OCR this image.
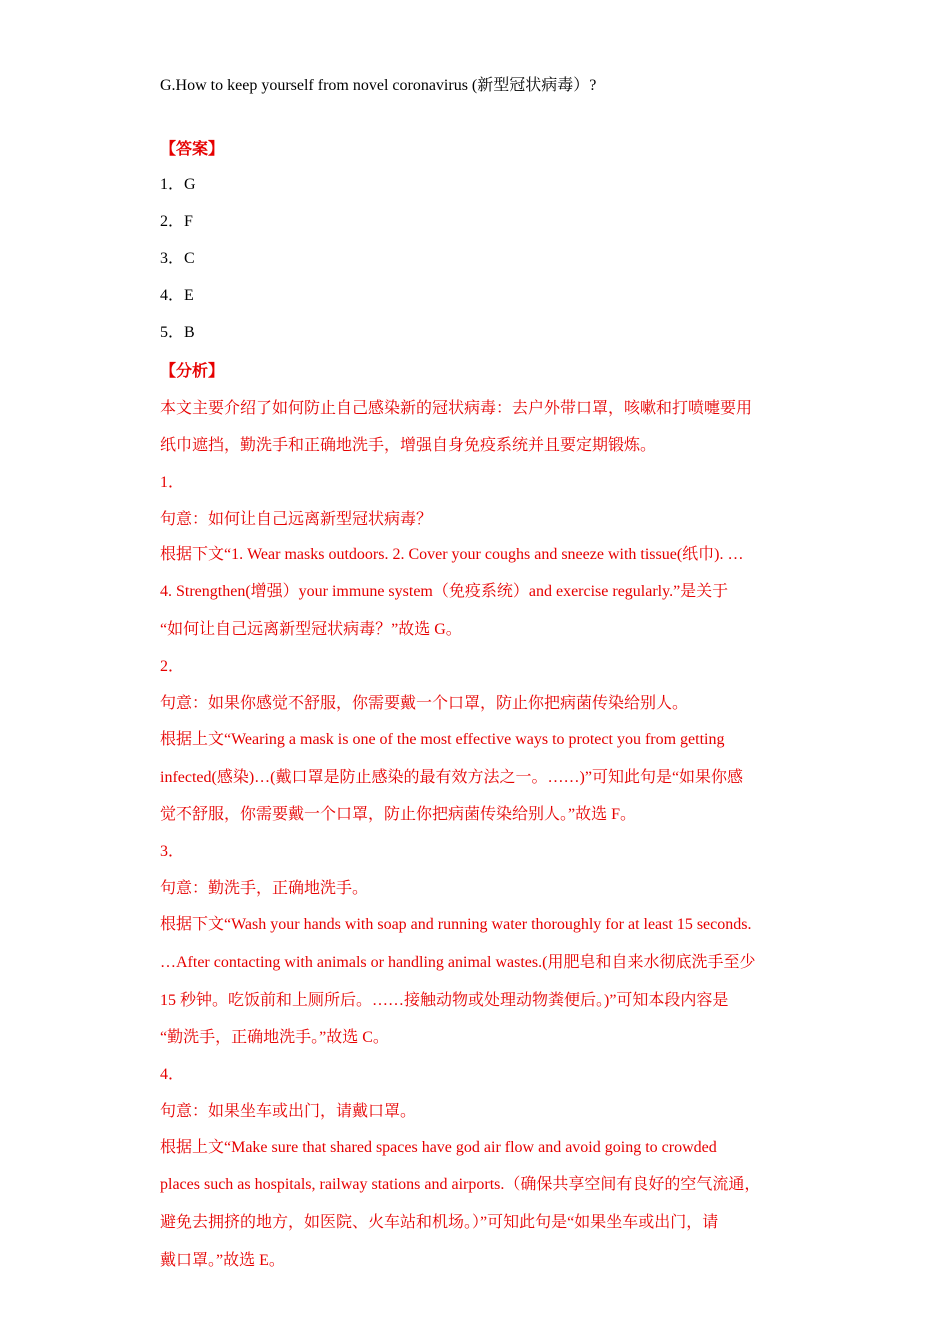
G.How to keep yourself from novel coronavirus (新型冠状病毒）?
【答案】
1．G
2．F
3．C
4．E
5．B
【分析】
本文主要介绍了如何防止自己感染新的冠状病毒：去户外带口罩，咳嗽和打喷嚏要用
纸巾遮挡，勤洗手和正确地洗手，增强自身免疫系统并且要定期锻炼。
1．
句意：如何让自己远离新型冠状病毒？
根据下文“1. Wear masks outdoors. 2. Cover your coughs and sneeze with tissue(纸巾). …
4. Strengthen(增强）your immune system（免疫系统）and exercise regularly.”是关于
“如何让自己远离新型冠状病毒？”故选 G。
2．
句意：如果你感觉不舒服，你需要戴一个口罩，防止你把病菌传染给别人。
根据上文“Wearing a mask is one of the most effective ways to protect you from getting
infected(感染)…(戴口罩是防止感染的最有效方法之一。……)”可知此句是“如果你感
觉不舒服，你需要戴一个口罩，防止你把病菌传染给别人。”故选 F。
3．
句意：勤洗手，正确地洗手。
根据下文“Wash your hands with soap and running water thoroughly for at least 15 seconds.
…After contacting with animals or handling animal wastes.(用肥皂和自来水彻底洗手至少
15 秒钟。吃饭前和上厕所后。……接触动物或处理动物粪便后。)”可知本段内容是
“勤洗手，正确地洗手。”故选 C。
4．
句意：如果坐车或出门，请戴口罩。
根据上文“Make sure that shared spaces have god air flow and avoid going to crowded
places such as hospitals, railway stations and airports.（确保共享空间有良好的空气流通，
避免去拥挤的地方，如医院、火车站和机场。）”可知此句是“如果坐车或出门，请
戴口罩。”故选 E。
